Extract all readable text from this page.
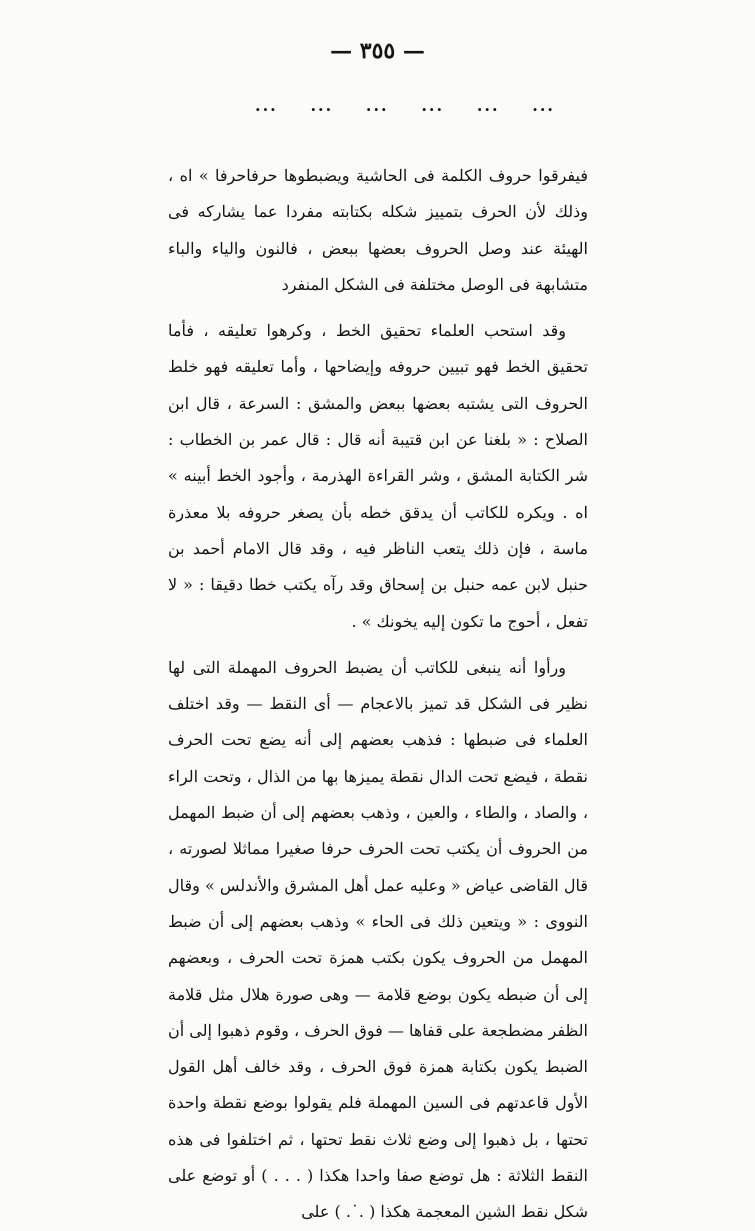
— ٣٥٥ —
... ... ... ... ... ...

فيفرقوا حروف الكلمة فى الحاشية ويضبطوها حرفاحرفا » اه ، وذلك لأن الحرف بتمييز شكله بكتابته مفردا عما يشاركه فى الهيئة عند وصل الحروف بعضها ببعض ، فالنون والياء والباء متشابهة فى الوصل مختلفة فى الشكل المنفرد

وقد استحب العلماء تحقيق الخط ، وكرهوا تعليقه ، فأما تحقيق الخط فهو تبيين حروفه وإيضاحها ، وأما تعليقه فهو خلط الحروف التى يشتبه بعضها ببعض والمشق : السرعة ، قال ابن الصلاح : « بلغنا عن ابن قتيبة أنه قال : قال عمر بن الخطاب : شر الكتابة المشق ، وشر القراءة الهذرمة ، وأجود الخط أبينه » اه . ويكره للكاتب أن يدقق خطه بأن يصغر حروفه بلا معذرة ماسة ، فإن ذلك يتعب الناظر فيه ، وقد قال الامام أحمد بن حنبل لابن عمه حنبل بن إسحاق وقد رآه يكتب خطا دقيقا : « لا تفعل ، أحوج ما تكون إليه يخونك » .

ورأوا أنه ينبغى للكاتب أن يضبط الحروف المهملة التى لها نظير فى الشكل قد تميز بالاعجام — أى النقط — وقد اختلف العلماء فى ضبطها : فذهب بعضهم إلى أنه يضع تحت الحرف نقطة ، فيضع تحت الدال نقطة يميزها بها من الذال ، وتحت الراء ، والصاد ، والطاء ، والعين ، وذهب بعضهم إلى أن ضبط المهمل من الحروف أن يكتب تحت الحرف حرفا صغيرا مماثلا لصورته ، قال القاضى عياض « وعليه عمل أهل المشرق والأندلس » وقال النووى : « ويتعين ذلك فى الحاء » وذهب بعضهم إلى أن ضبط المهمل من الحروف يكون بكتب همزة تحت الحرف ، وبعضهم إلى أن ضبطه يكون بوضع قلامة — وهى صورة هلال مثل قلامة الظفر مضطجعة على قفاها — فوق الحرف ، وقوم ذهبوا إلى أن الضبط يكون بكتابة همزة فوق الحرف ، وقد خالف أهل القول الأول قاعدتهم فى السين المهملة فلم يقولوا بوضع نقطة واحدة تحتها ، بل ذهبوا إلى وضع ثلاث نقط تحتها ، ثم اختلفوا فى هذه النقط الثلاثة : هل توضع صفا واحدا هكذا ( . . . ) أو توضع على شكل نقط الشين المعجمة هكذا ( .˙. ) على
